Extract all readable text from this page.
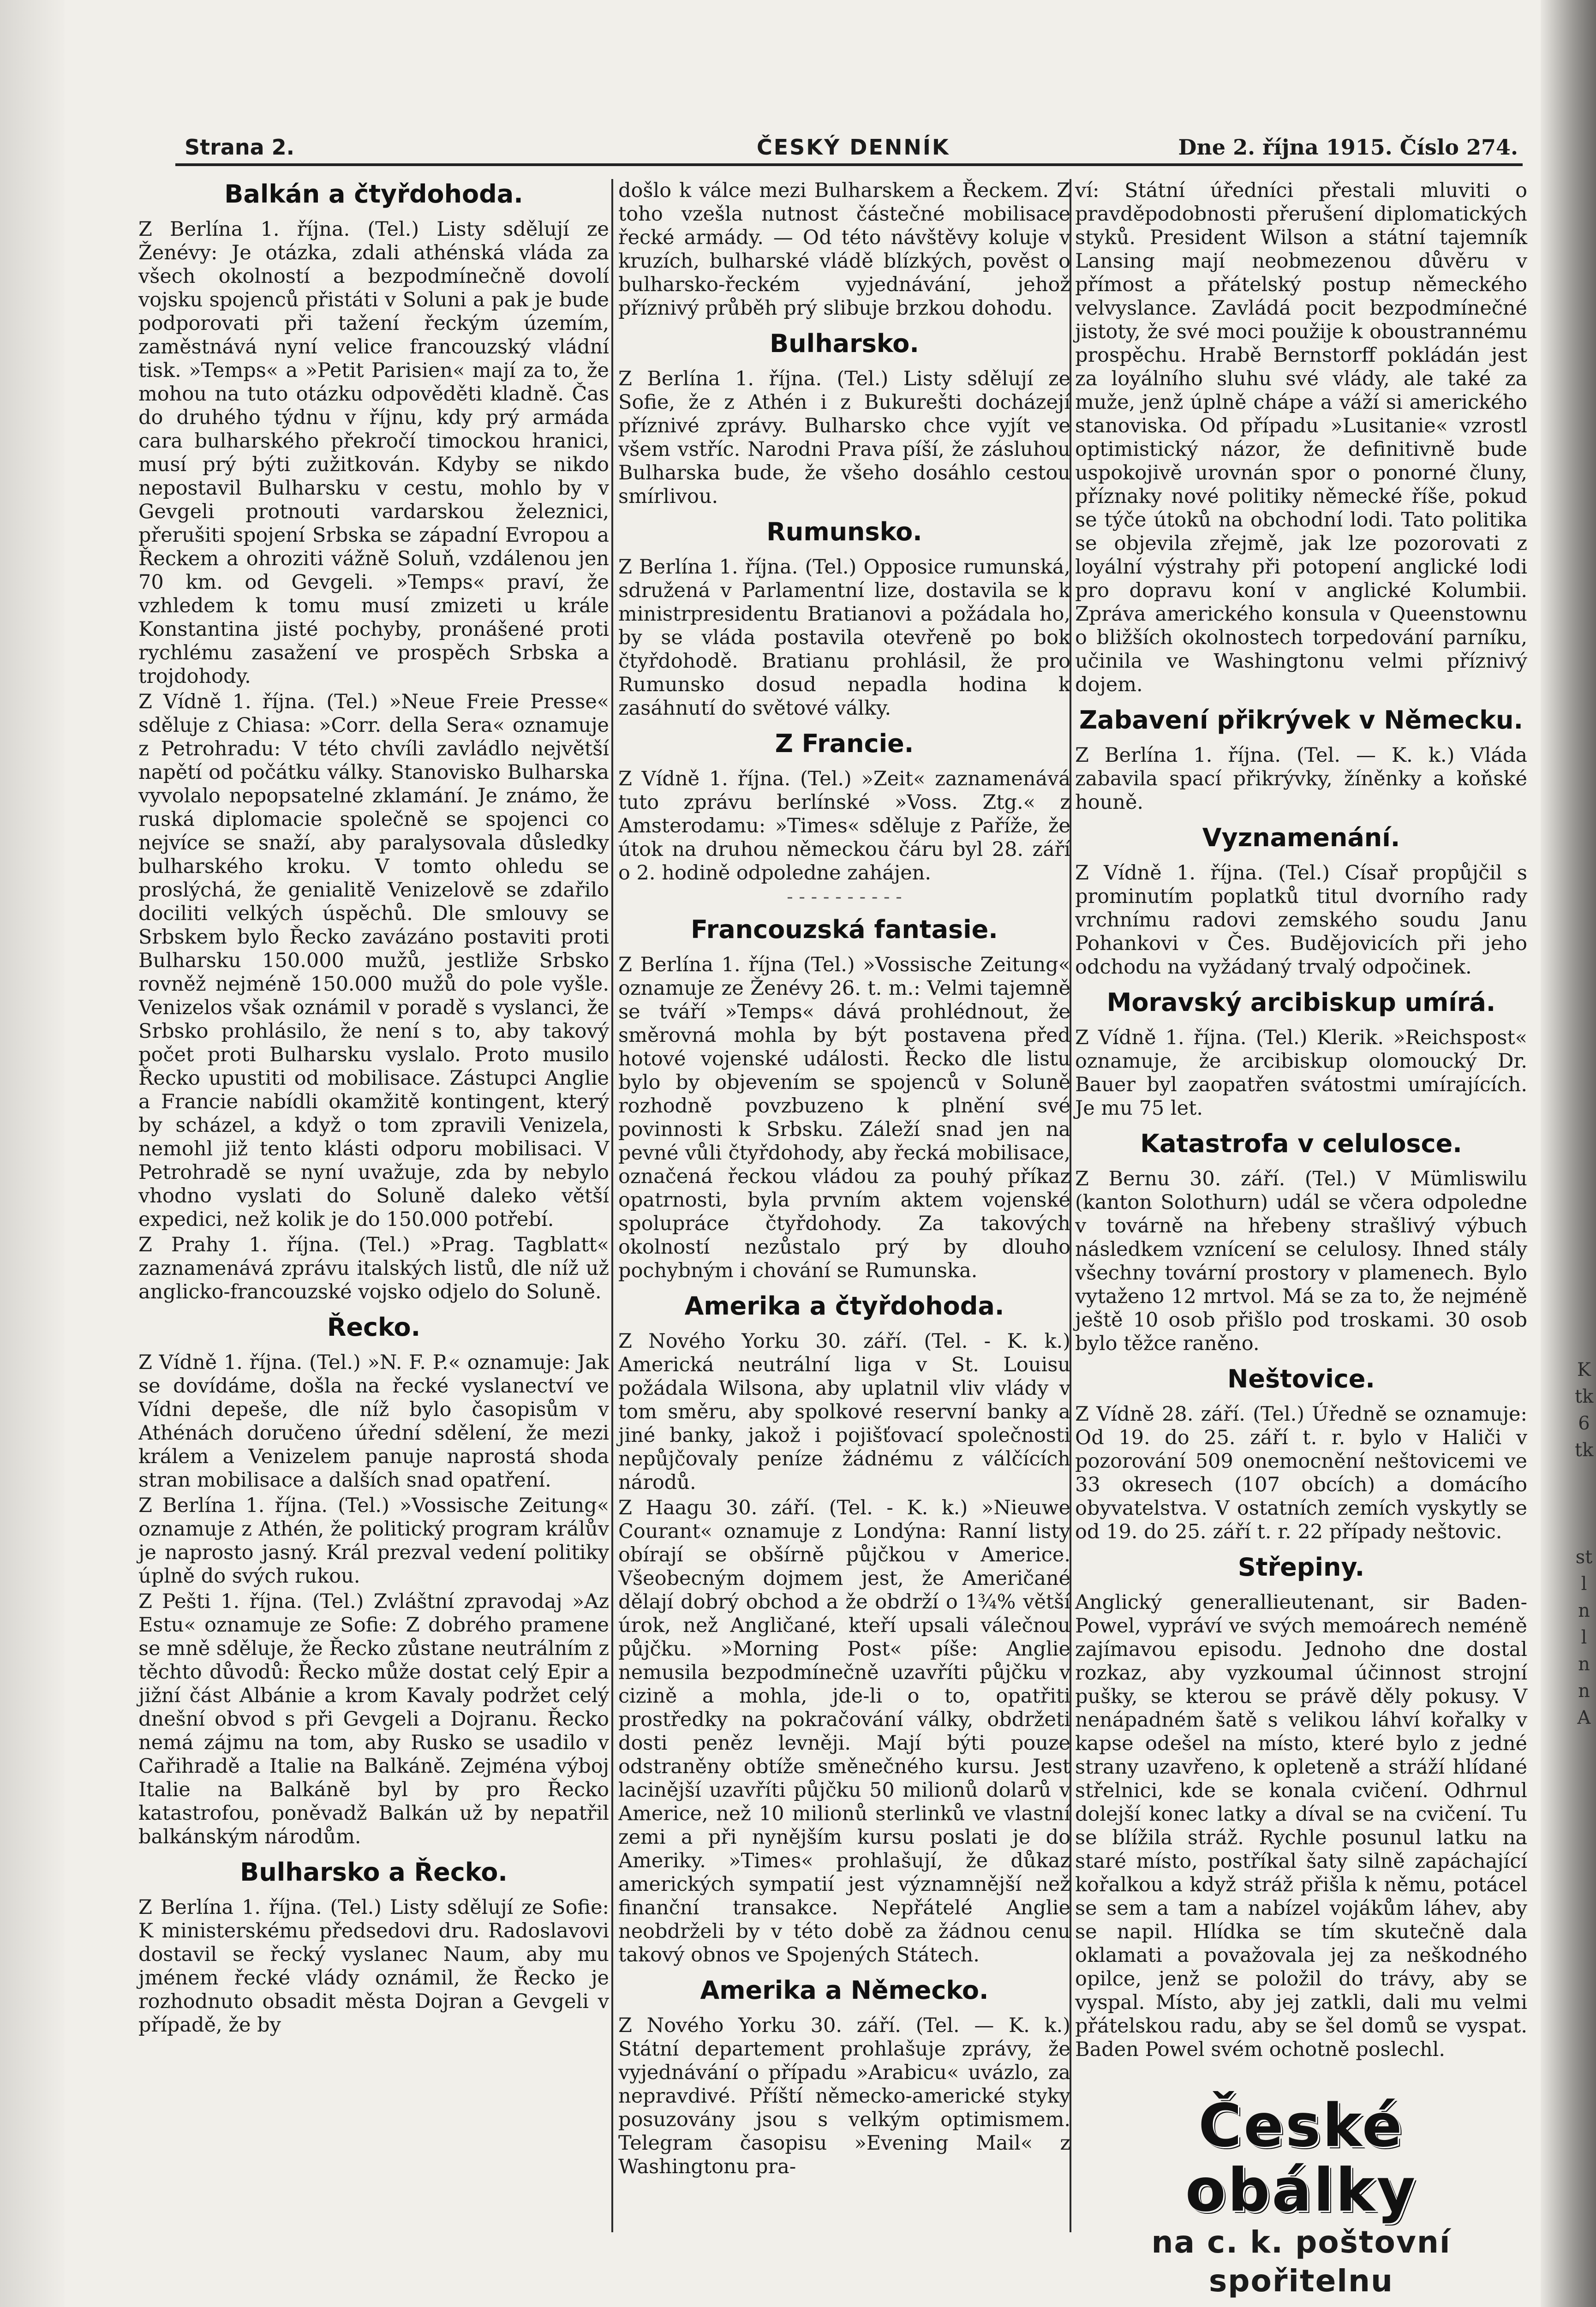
K
tk
6
tk
st
l
n
l
n
n
A
Strana 2.	ČESKÝ DENNÍK	Dne 2. října 1915. Číslo 274.
Balkán a čtyřdohoda.

Z Berlína 1. října. (Tel.) Listy sdělují ze Ženévy: Je otázka, zdali athénská vláda za všech okolností a bezpodmínečně dovolí vojsku spojenců přistáti v Soluni a pak je bude podporovati při tažení řeckým územím, zaměstnává nyní velice francouzský vládní tisk. »Temps« a »Petit Parisien« mají za to, že mohou na tuto otázku odpověděti kladně. Čas do druhého týdnu v říjnu, kdy prý armáda cara bulharského překročí timockou hranici, musí prý býti zužitkován. Kdyby se nikdo nepostavil Bulharsku v cestu, mohlo by v Gevgeli protnouti vardarskou železnici, přerušiti spojení Srbska se západní Evropou a Řeckem a ohroziti vážně Soluň, vzdálenou jen 70 km. od Gevgeli. »Temps« praví, že vzhledem k tomu musí zmizeti u krále Konstantina jisté pochyby, pronášené proti rychlému zasažení ve prospěch Srbska a trojdohody.

Z Vídně 1. října. (Tel.) »Neue Freie Presse« sděluje z Chiasa: »Corr. della Sera« oznamuje z Petrohradu: V této chvíli zavládlo největší napětí od počátku války. Stanovisko Bulharska vyvolalo nepopsatelné zklamání. Je známo, že ruská diplomacie společně se spojenci co nejvíce se snaží, aby paralysovala důsledky bulharského kroku. V tomto ohledu se proslýchá, že genialitě Venizelově se zdařilo dociliti velkých úspěchů. Dle smlouvy se Srbskem bylo Řecko zavázáno postaviti proti Bulharsku 150.000 mužů, jestliže Srbsko rovněž nejméně 150.000 mužů do pole vyšle. Venizelos však oznámil v poradě s vyslanci, že Srbsko prohlásilo, že není s to, aby takový počet proti Bulharsku vyslalo. Proto musilo Řecko upustiti od mobilisace. Zástupci Anglie a Francie nabídli okamžitě kontingent, který by scházel, a když o tom zpravili Venizela, nemohl již tento klásti odporu mobilisaci. V Petrohradě se nyní uvažuje, zda by nebylo vhodno vyslati do Soluně daleko větší expedici, než kolik je do 150.000 potřebí.

Z Prahy 1. října. (Tel.) »Prag. Tagblatt« zaznamenává zprávu italských listů, dle níž už anglicko-francouzské vojsko odjelo do Soluně.

Řecko.

Z Vídně 1. října. (Tel.) »N. F. P.« oznamuje: Jak se dovídáme, došla na řecké vyslanectví ve Vídni depeše, dle níž bylo časopisům v Athénách doručeno úřední sdělení, že mezi králem a Venizelem panuje naprostá shoda stran mobilisace a dalších snad opatření.

Z Berlína 1. října. (Tel.) »Vossische Zeitung« oznamuje z Athén, že politický program králův je naprosto jasný. Král prezval vedení politiky úplně do svých rukou.

Z Pešti 1. října. (Tel.) Zvláštní zpravodaj »Az Estu« oznamuje ze Sofie: Z dobrého pramene se mně sděluje, že Řecko zůstane neutrálním z těchto důvodů: Řecko může dostat celý Epir a jižní část Albánie a krom Kavaly podržet celý dnešní obvod s při Gevgeli a Dojranu. Řecko nemá zájmu na tom, aby Rusko se usadilo v Cařihradě a Italie na Balkáně. Zejména výboj Italie na Balkáně byl by pro Řecko katastrofou, poněvadž Balkán už by nepatřil balkánským národům.

Bulharsko a Řecko.

Z Berlína 1. října. (Tel.) Listy sdělují ze Sofie: K ministerskému předsedovi dru. Radoslavovi dostavil se řecký vyslanec Naum, aby mu jménem řecké vlády oznámil, že Řecko je rozhodnuto obsadit města Dojran a Gevgeli v případě, že by

došlo k válce mezi Bulharskem a Řeckem. Z toho vzešla nutnost částečné mobilisace řecké armády. — Od této návštěvy koluje v kruzích, bulharské vládě blízkých, pověst o bulharsko-řeckém vyjednávání, jehož příznivý průběh prý slibuje brzkou dohodu.

Bulharsko.

Z Berlína 1. října. (Tel.) Listy sdělují ze Sofie, že z Athén i z Bukurešti docházejí příznivé zprávy. Bulharsko chce vyjít ve všem vstříc. Narodni Prava píší, že zásluhou Bulharska bude, že všeho dosáhlo cestou smírlivou.

Rumunsko.

Z Berlína 1. října. (Tel.) Opposice rumunská, sdružená v Parlamentní lize, dostavila se k ministrpresidentu Bratianovi a požádala ho, by se vláda postavila otevřeně po bok čtyřdohodě. Bratianu prohlásil, že pro Rumunsko dosud nepadla hodina k zasáhnutí do světové války.

Z Francie.

Z Vídně 1. října. (Tel.) »Zeit« zaznamenává tuto zprávu berlínské »Voss. Ztg.« z Amsterodamu: »Times« sděluje z Paříže, že útok na druhou německou čáru byl 28. září o 2. hodině odpoledne zahájen.

- - - - - - - - - -
Francouzská fantasie.

Z Berlína 1. října (Tel.) »Vossische Zeitung« oznamuje ze Ženévy 26. t. m.: Velmi tajemně se tváří »Temps« dává prohlédnout, že směrovná mohla by být postavena před hotové vojenské události. Řecko dle listu bylo by objevením se spojenců v Soluně rozhodně povzbuzeno k plnění své povinnosti k Srbsku. Záleží snad jen na pevné vůli čtyřdohody, aby řecká mobilisace, označená řeckou vládou za pouhý příkaz opatrnosti, byla prvním aktem vojenské spolupráce čtyřdohody. Za takových okolností nezůstalo prý by dlouho pochybným i chování se Rumunska.

Amerika a čtyřdohoda.

Z Nového Yorku 30. září. (Tel. - K. k.) Americká neutrální liga v St. Louisu požádala Wilsona, aby uplatnil vliv vlády v tom směru, aby spolkové reservní banky a jiné banky, jakož i pojišťovací společnosti nepůjčovaly peníze žádnému z válčících národů.

Z Haagu 30. září. (Tel. - K. k.) »Nieuwe Courant« oznamuje z Londýna: Ranní listy obírají se obšírně půjčkou v Americe. Všeobecným dojmem jest, že Američané dělají dobrý obchod a že obdrží o 1¾% větší úrok, než Angličané, kteří upsali válečnou půjčku. »Morning Post« píše: Anglie nemusila bezpodmínečně uzavříti půjčku v cizině a mohla, jde-li o to, opatřiti prostředky na pokračování války, obdržeti dosti peněz levněji. Mají býti pouze odstraněny obtíže směnečného kursu. Jest lacinější uzavříti půjčku 50 milionů dolarů v Americe, než 10 milionů sterlinků ve vlastní zemi a při nynějším kursu poslati je do Ameriky. »Times« prohlašují, že důkaz amerických sympatií jest významnější než finanční transakce. Nepřátelé Anglie neobdrželi by v této době za žádnou cenu takový obnos ve Spojených Státech.

Amerika a Německo.

Z Nového Yorku 30. září. (Tel. — K. k.) Státní departement prohlašuje zprávy, že vyjednávání o případu »Arabicu« uvázlo, za nepravdivé. Příští německo-americké styky posuzovány jsou s velkým optimismem. Telegram časopisu »Evening Mail« z Washingtonu pra-

ví: Státní úředníci přestali mluviti o pravděpodobnosti přerušení diplomatických styků. President Wilson a státní tajemník Lansing mají neobmezenou důvěru v přímost a přátelský postup německého velvyslance. Zavládá pocit bezpodmínečné jistoty, že své moci použije k oboustrannému prospěchu. Hrabě Bernstorff pokládán jest za loyálního sluhu své vlády, ale také za muže, jenž úplně chápe a váží si amerického stanoviska. Od případu »Lusitanie« vzrostl optimistický názor, že definitivně bude uspokojivě urovnán spor o ponorné čluny, příznaky nové politiky německé říše, pokud se týče útoků na obchodní lodi. Tato politika se objevila zřejmě, jak lze pozorovati z loyální výstrahy při potopení anglické lodi pro dopravu koní v anglické Kolumbii. Zpráva amerického konsula v Queenstownu o bližších okolnostech torpedování parníku, učinila ve Washingtonu velmi příznivý dojem.

Zabavení přikrývek v Německu.

Z Berlína 1. října. (Tel. — K. k.) Vláda zabavila spací přikrývky, žíněnky a koňské houně.

Vyznamenání.

Z Vídně 1. října. (Tel.) Císař propůjčil s prominutím poplatků titul dvorního rady vrchnímu radovi zemského soudu Janu Pohankovi v Čes. Budějovicích při jeho odchodu na vyžádaný trvalý odpočinek.

Moravský arcibiskup umírá.

Z Vídně 1. října. (Tel.) Klerik. »Reichspost« oznamuje, že arcibiskup olomoucký Dr. Bauer byl zaopatřen svátostmi umírajících. Je mu 75 let.

Katastrofa v celulosce.

Z Bernu 30. září. (Tel.) V Mümliswilu (kanton Solothurn) udál se včera odpoledne v továrně na hřebeny strašlivý výbuch následkem vznícení se celulosy. Ihned stály všechny tovární prostory v plamenech. Bylo vytaženo 12 mrtvol. Má se za to, že nejméně ještě 10 osob přišlo pod troskami. 30 osob bylo těžce raněno.

Neštovice.

Z Vídně 28. září. (Tel.) Úředně se oznamuje: Od 19. do 25. září t. r. bylo v Haliči v pozorování 509 onemocnění neštovicemi ve 33 okresech (107 obcích) a domácího obyvatelstva. V ostatních zemích vyskytly se od 19. do 25. září t. r. 22 případy neštovic.

Střepiny.

Anglický generallieutenant, sir Baden-Powel, vypráví ve svých memoárech neméně zajímavou episodu. Jednoho dne dostal rozkaz, aby vyzkoumal účinnost strojní pušky, se kterou se právě děly pokusy. V nenápadném šatě s velikou láhví kořalky v kapse odešel na místo, které bylo z jedné strany uzavřeno, k opleteně a stráží hlídané střelnici, kde se konala cvičení. Odhrnul dolejší konec latky a díval se na cvičení. Tu se blížila stráž. Rychle posunul latku na staré místo, postříkal šaty silně zapáchající kořalkou a když stráž přišla k němu, potácel se sem a tam a nabízel vojákům láhev, aby se napil. Hlídka se tím skutečně dala oklamati a považovala jej za neškodného opilce, jenž se položil do trávy, aby se vyspal. Místo, aby jej zatkli, dali mu velmi přátelskou radu, aby se šel domů se vyspat. Baden Powel svém ochotně poslechl.

České obálky
na c. k. poštovní spořitelnu
